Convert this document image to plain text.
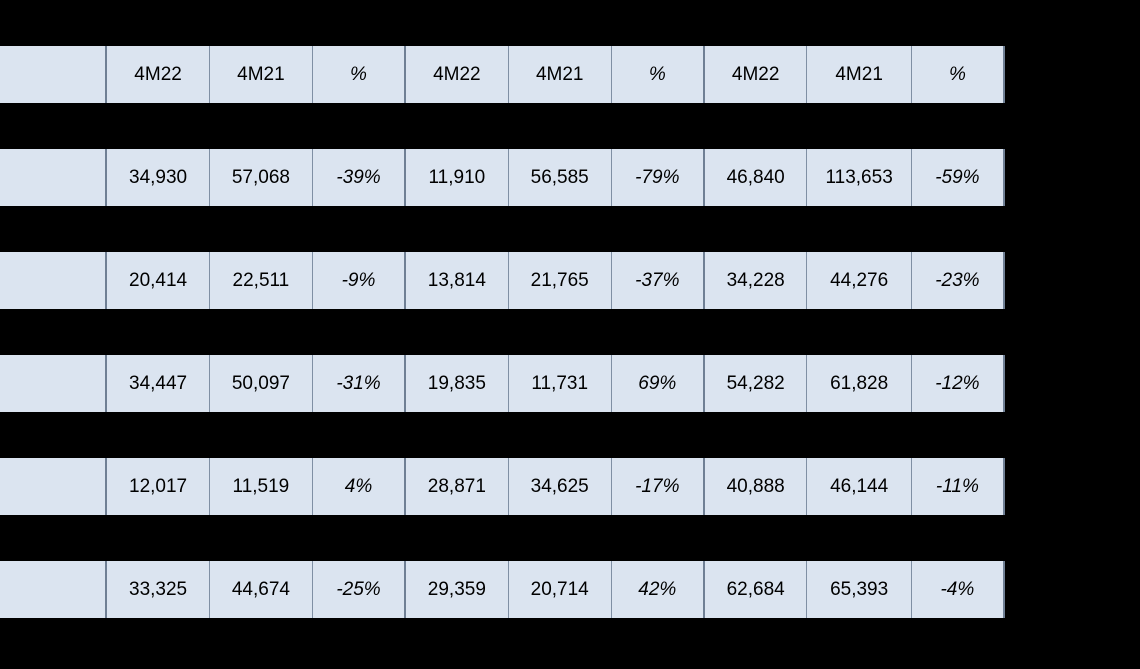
	4M22	4M21	%	4M22	4M21	%	4M22	4M21	%

	34,930	57,068	-39%	11,910	56,585	-79%	46,840	113,653	-59%

	20,414	22,511	-9%	13,814	21,765	-37%	34,228	44,276	-23%

	34,447	50,097	-31%	19,835	11,731	69%	54,282	61,828	-12%

	12,017	11,519	4%	28,871	34,625	-17%	40,888	46,144	-11%

	33,325	44,674	-25%	29,359	20,714	42%	62,684	65,393	-4%
